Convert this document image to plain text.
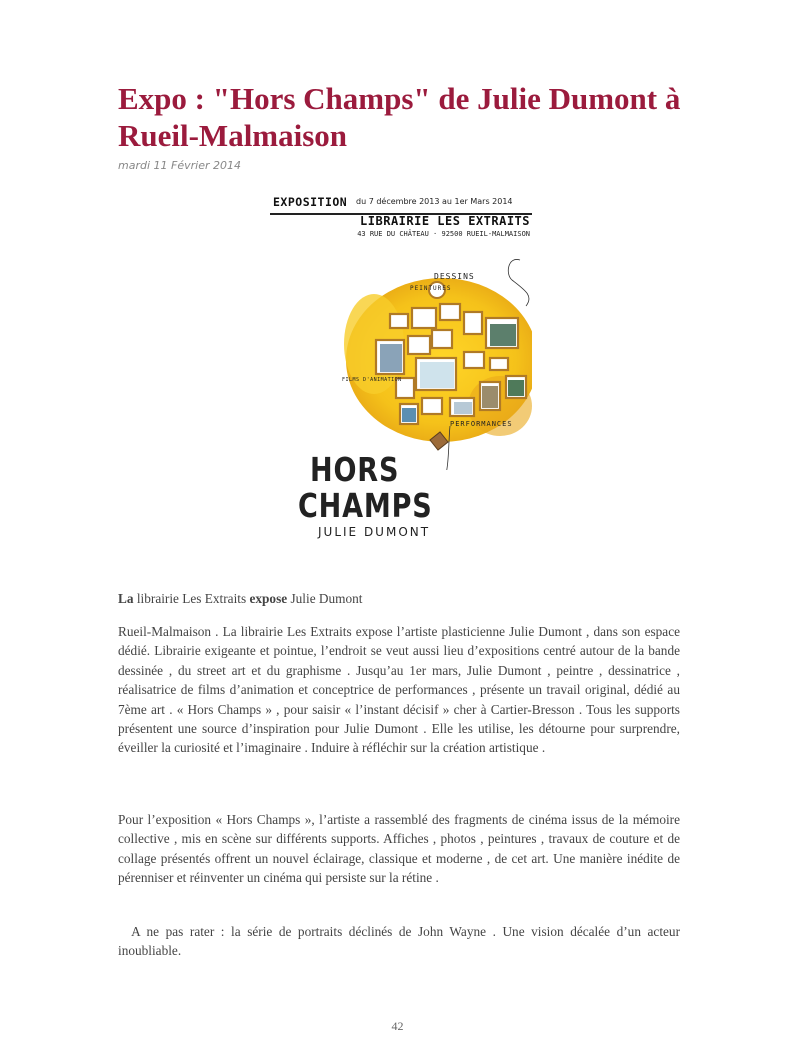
Expo : "Hors Champs" de Julie Dumont à Rueil-Malmaison
mardi 11 Février 2014
EXPOSITION du 7 décembre 2013 au 1er Mars 2014
LIBRAIRIE LES EXTRAITS
43 RUE DU CHÂTEAU · 92500 RUEIL-MALMAISON
DESSINS
PEINTURES
FILMS D'ANIMATION
PERFORMANCES
HORS
CHAMPS
JULIE DUMONT

La librairie Les Extraits expose Julie Dumont

Rueil-Malmaison . La librairie Les Extraits expose l’artiste plasticienne Julie Dumont , dans son espace dédié. Librairie exigeante et pointue, l’endroit se veut aussi lieu d’expositions centré autour de la bande dessinée , du street art et du graphisme . Jusqu’au 1er mars, Julie Dumont , peintre , dessinatrice , réalisatrice de films d’animation et conceptrice de performances , présente un travail original, dédié au 7ème art . « Hors Champs » , pour saisir « l’instant décisif » cher à Cartier-Bresson . Tous les supports présentent une source d’inspiration pour Julie Dumont . Elle les utilise, les détourne pour surprendre, éveiller la curiosité et l’imaginaire . Induire à réfléchir sur la création artistique .

Pour l’exposition « Hors Champs », l’artiste a rassemblé des fragments de cinéma issus de la mémoire collective , mis en scène sur différents supports. Affiches , photos , peintures , travaux de couture et de collage présentés offrent un nouvel éclairage, classique et moderne , de cet art. Une manière inédite de pérenniser et réinventer un cinéma qui persiste sur la rétine .

A ne pas rater : la série de portraits déclinés de John Wayne . Une vision décalée d’un acteur inoubliable.

42
